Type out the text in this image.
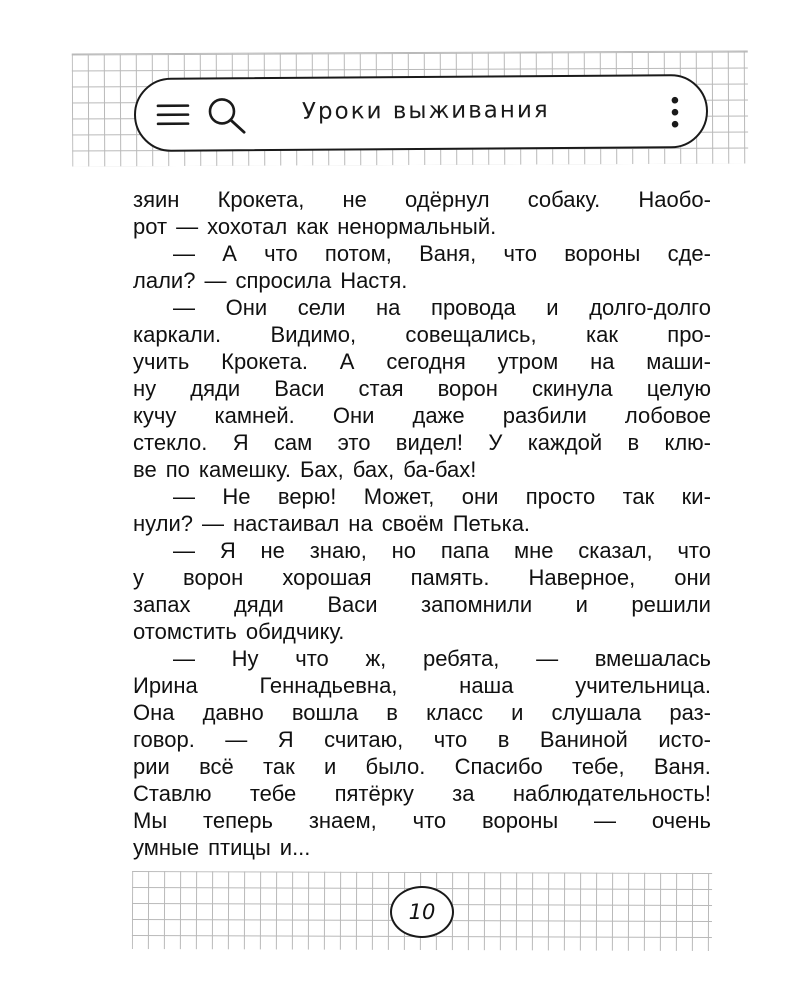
Уроки выживания
зяин Крокета, не одёрнул собаку. Наобо-
рот — хохотал как ненормальный.
— А что потом, Ваня, что вороны сде-
лали? — спросила Настя.
— Они сели на провода и долго-долго
каркали. Видимо, совещались, как про-
учить Крокета. А сегодня утром на маши-
ну дяди Васи стая ворон скинула целую
кучу камней. Они даже разбили лобовое
стекло. Я сам это видел! У каждой в клю-
ве по камешку. Бах, бах, ба-бах!
— Не верю! Может, они просто так ки-
нули? — настаивал на своём Петька.
— Я не знаю, но папа мне сказал, что
у ворон хорошая память. Наверное, они
запах дяди Васи запомнили и решили
отомстить обидчику.
— Ну что ж, ребята, — вмешалась
Ирина	Геннадьевна,	наша	учительница.
Она давно вошла в класс и слушала раз-
говор. — Я считаю, что в Ваниной исто-
рии всё так и было. Спасибо тебе, Ваня.
Ставлю тебе пятёрку за наблюдательность!
Мы теперь знаем, что вороны — очень
умные птицы и...
10
